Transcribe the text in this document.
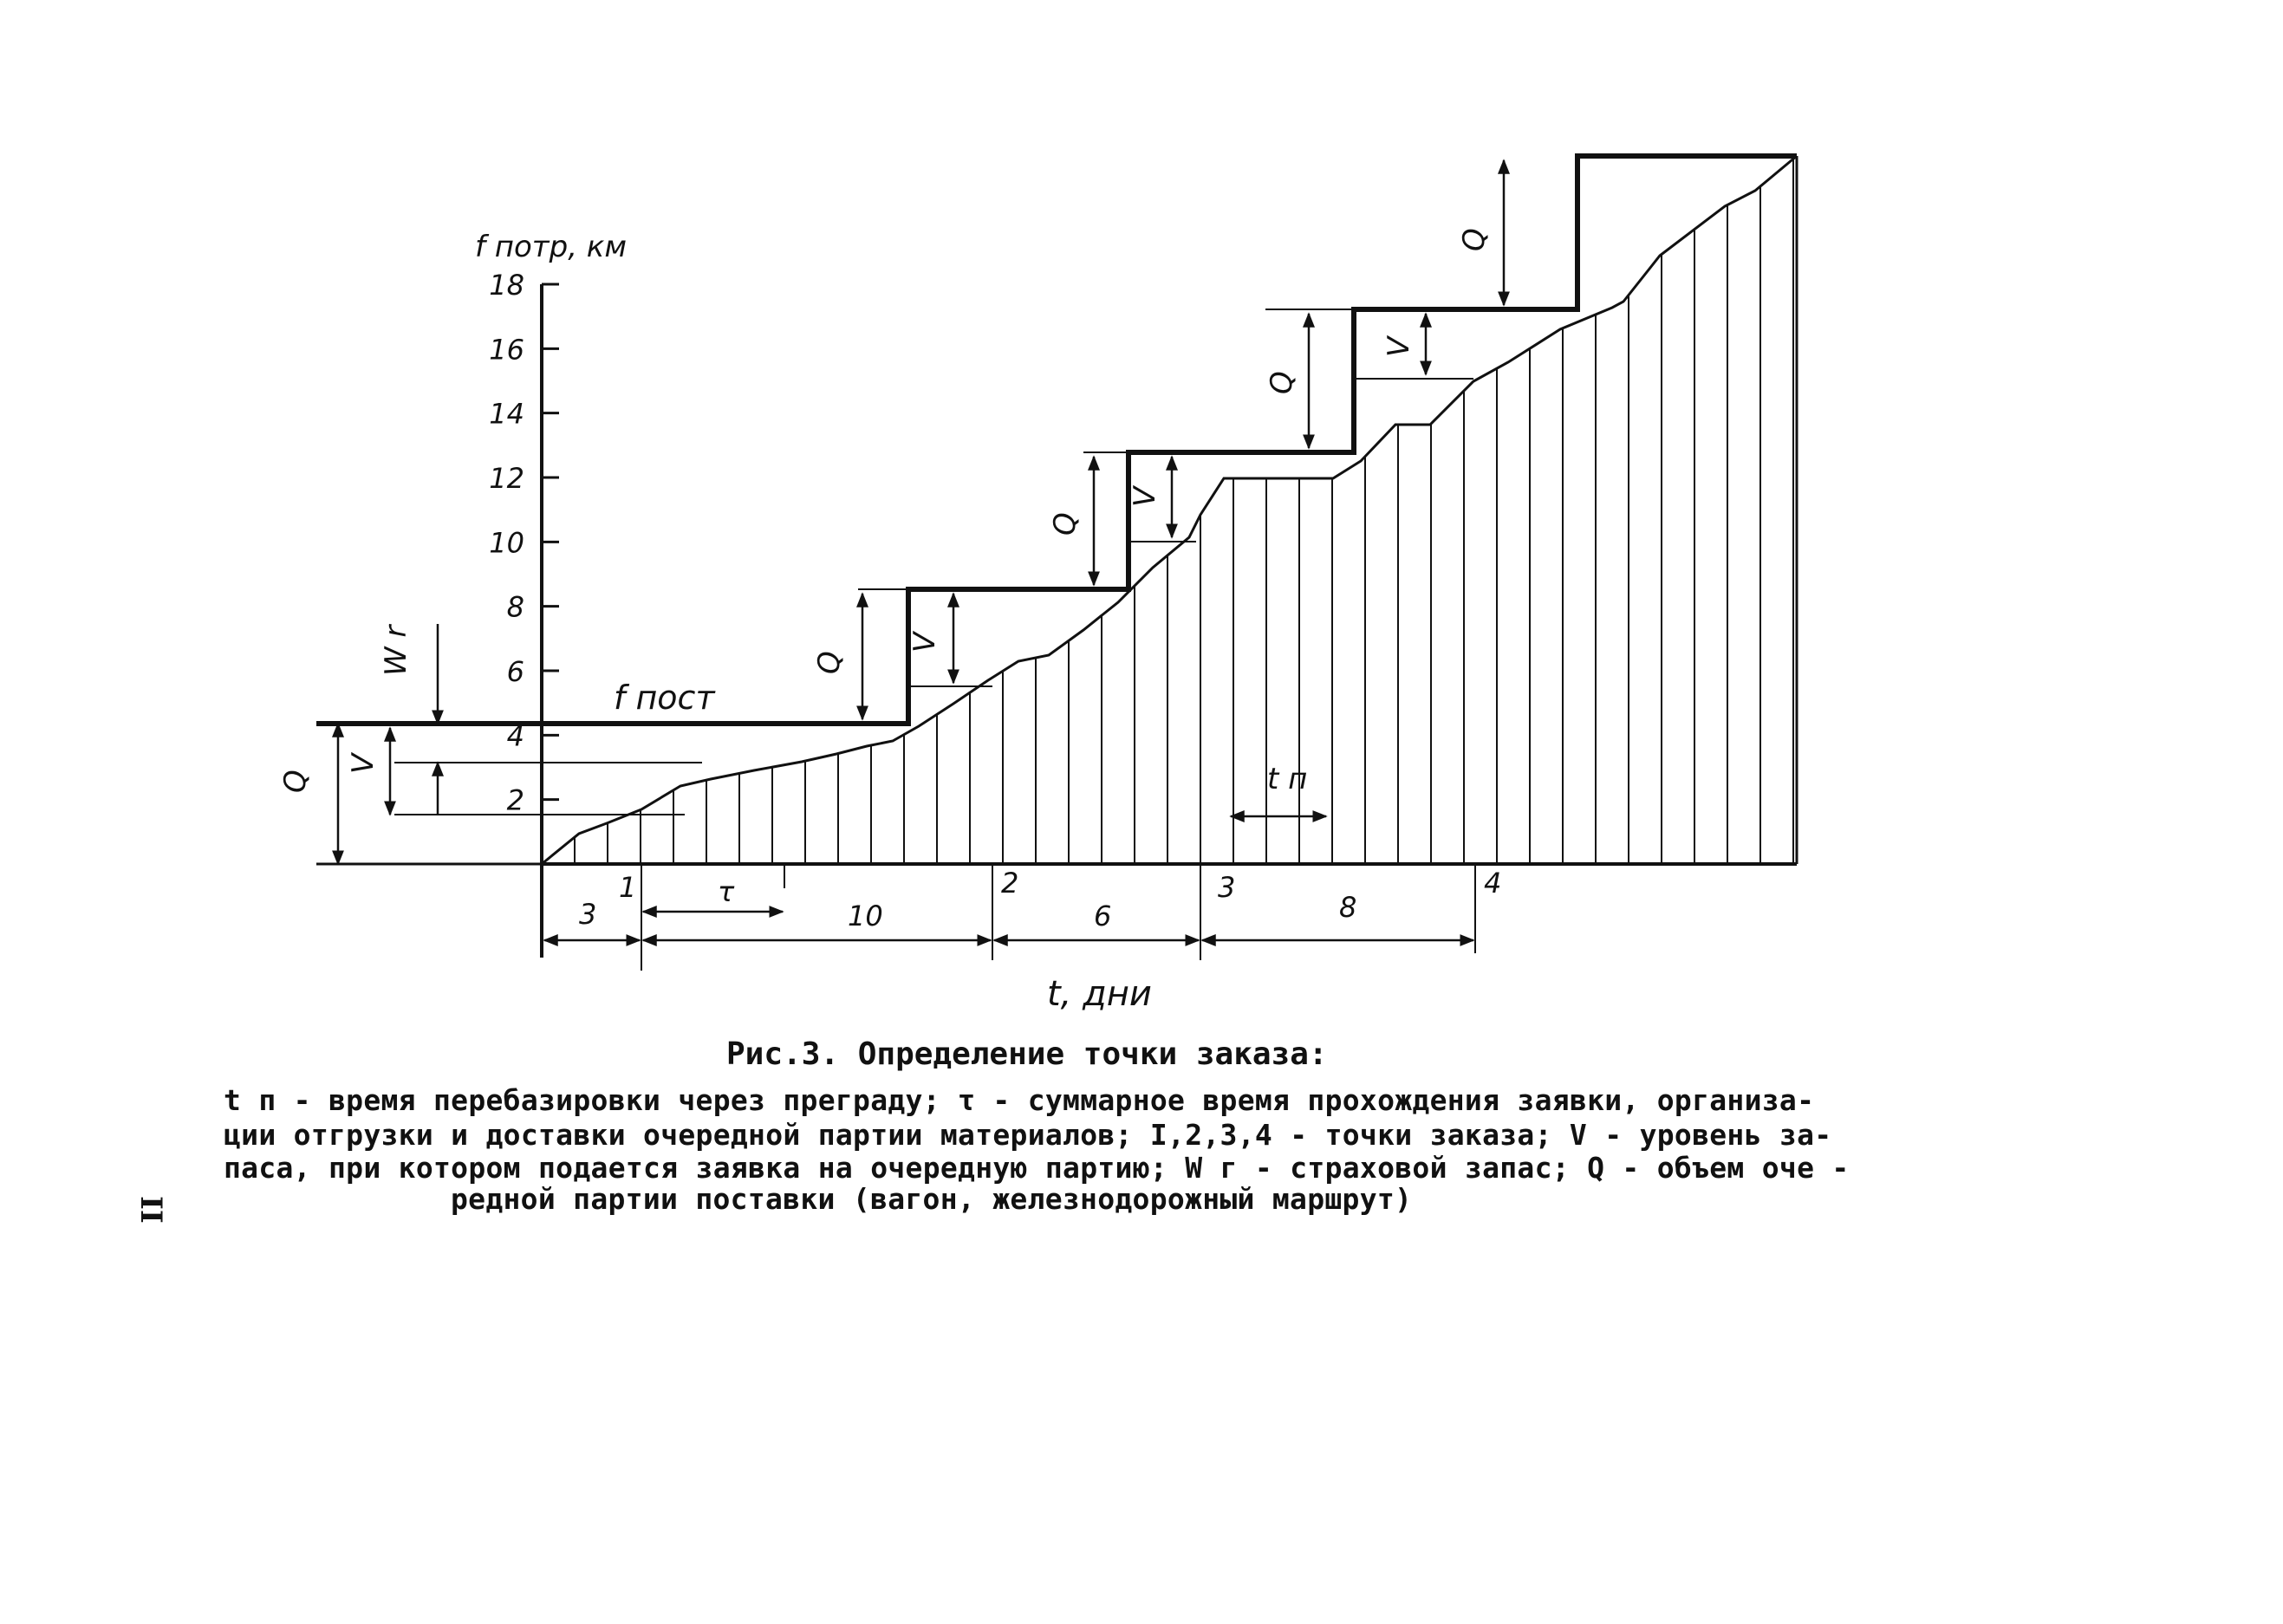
18
16
14
12
10
8
6
4
2
f потр, км
f пост
Q
V
W r	Q
V
Q
V
Q
V
Q
t п
1	2	3	4
3
τ
10	6	8
t, дни
Рис.3. Определение точки заказа:
t п - время перебазировки через преграду; τ - суммарное время прохождения заявки, организа-
ции отгрузки и доставки очередной партии материалов; I,2,3,4 - точки заказа; V - уровень за-
паса, при котором подается заявка на очередную партию; W г - страховой запас; Q - объем оче -
редной партии поставки (вагон, железнодорожный маршрут)
II
